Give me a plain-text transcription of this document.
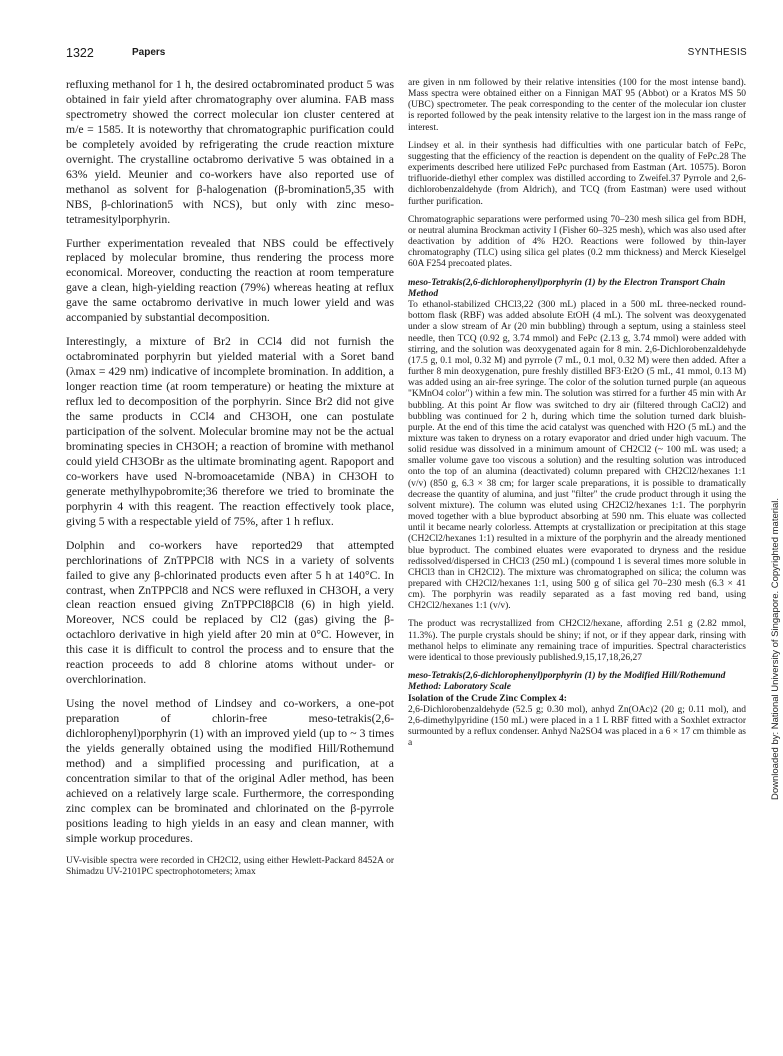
1322	Papers	SYNTHESIS

refluxing methanol for 1 h, the desired octabrominated product 5 was obtained in fair yield after chromatography over alumina. FAB mass spectrometry showed the correct molecular ion cluster centered at m/e = 1585. It is noteworthy that chromatographic purification could be completely avoided by refrigerating the crude reaction mixture overnight. The crystalline octabromo derivative 5 was obtained in a 63% yield. Meunier and co-workers have also reported use of methanol as solvent for β-halogenation (β-bromination5,35 with NBS, β-chlorination5 with NCS), but only with zinc meso-tetramesitylporphyrin.

Further experimentation revealed that NBS could be effectively replaced by molecular bromine, thus rendering the process more economical. Moreover, conducting the reaction at room temperature gave a clean, high-yielding reaction (79%) whereas heating at reflux gave the same octabromo derivative in much lower yield and was accompanied by substantial decomposition.

Interestingly, a mixture of Br2 in CCl4 did not furnish the octabrominated porphyrin but yielded material with a Soret band (λmax = 429 nm) indicative of incomplete bromination. In addition, a longer reaction time (at room temperature) or heating the mixture at reflux led to decomposition of the porphyrin. Since Br2 did not give the same products in CCl4 and CH3OH, one can postulate participation of the solvent. Molecular bromine may not be the actual brominating species in CH3OH; a reaction of bromine with methanol could yield CH3OBr as the ultimate brominating agent. Rapoport and co-workers have used N-bromoacetamide (NBA) in CH3OH to generate methylhypobromite;36 therefore we tried to brominate the porphyrin 4 with this reagent. The reaction effectively took place, giving 5 with a respectable yield of 75%, after 1 h reflux.

Dolphin and co-workers have reported29 that attempted perchlorinations of ZnTPPCl8 with NCS in a variety of solvents failed to give any β-chlorinated products even after 5 h at 140°C. In contrast, when ZnTPPCl8 and NCS were refluxed in CH3OH, a very clean reaction ensued giving ZnTPPCl8βCl8 (6) in high yield. Moreover, NCS could be replaced by Cl2 (gas) giving the β-octachloro derivative in high yield after 20 min at 0°C. However, in this case it is difficult to control the process and to ensure that the reaction proceeds to add 8 chlorine atoms without under- or overchlorination.

Using the novel method of Lindsey and co-workers, a one-pot preparation of chlorin-free meso-tetrakis(2,6-dichlorophenyl)porphyrin (1) with an improved yield (up to ~ 3 times the yields generally obtained using the modified Hill/Rothemund method) and a simplified processing and purification, at a concentration similar to that of the original Adler method, has been achieved on a relatively large scale. Furthermore, the corresponding zinc complex can be brominated and chlorinated on the β-pyrrole positions leading to high yields in an easy and clean manner, with simple workup procedures.

UV-visible spectra were recorded in CH2Cl2, using either Hewlett-Packard 8452A or Shimadzu UV-2101PC spectrophotometers; λmax

are given in nm followed by their relative intensities (100 for the most intense band). Mass spectra were obtained either on a Finnigan MAT 95 (Abbot) or a Kratos MS 50 (UBC) spectrometer. The peak corresponding to the center of the molecular ion cluster is reported followed by the peak intensity relative to the largest ion in the mass range of interest.

Lindsey et al. in their synthesis had difficulties with one particular batch of FePc, suggesting that the efficiency of the reaction is dependent on the quality of FePc.28 The experiments described here utilized FePc purchased from Eastman (Art. 10575). Boron trifluoride-diethyl ether complex was distilled according to Zweifel.37 Pyrrole and 2,6-dichlorobenzaldehyde (from Aldrich), and TCQ (from Eastman) were used without further purification.

Chromatographic separations were performed using 70–230 mesh silica gel from BDH, or neutral alumina Brockman activity I (Fisher 60–325 mesh), which was also used after deactivation by addition of 4% H2O. Reactions were followed by thin-layer chromatography (TLC) using silica gel plates (0.2 mm thickness) and Merck Kieselgel 60A F254 precoated plates.

meso-Tetrakis(2,6-dichlorophenyl)porphyrin (1) by the Electron Transport Chain Method

To ethanol-stabilized CHCl3,22 (300 mL) placed in a 500 mL three-necked round-bottom flask (RBF) was added absolute EtOH (4 mL). The solvent was deoxygenated under a slow stream of Ar (20 min bubbling) through a septum, using a stainless steel needle, then TCQ (0.92 g, 3.74 mmol) and FePc (2.13 g, 3.74 mmol) were added with stirring, and the solution was deoxygenated again for 8 min. 2,6-Dichlorobenzaldehyde (17.5 g, 0.1 mol, 0.32 M) and pyrrole (7 mL, 0.1 mol, 0.32 M) were then added. After a further 8 min deoxygenation, pure freshly distilled BF3·Et2O (5 mL, 41 mmol, 0.13 M) was added using an air-free syringe. The color of the solution turned purple (an aqueous "KMnO4 color") within a few min. The solution was stirred for a further 45 min with Ar bubbling. At this point Ar flow was switched to dry air (filtered through CaCl2) and bubbling was continued for 2 h, during which time the solution turned dark bluish-purple. At the end of this time the acid catalyst was quenched with H2O (5 mL) and the mixture was taken to dryness on a rotary evaporator and dried under high vacuum. The solid residue was dissolved in a minimum amount of CH2Cl2 (~ 100 mL was used; a smaller volume gave too viscous a solution) and the resulting solution was introduced onto the top of an alumina (deactivated) column prepared with CH2Cl2/hexanes 1:1 (v/v) (850 g, 6.3 × 38 cm; for larger scale preparations, it is possible to dramatically decrease the quantity of alumina, and just "filter" the crude product through it using the solvent mixture). The column was eluted using CH2Cl2/hexanes 1:1. The porphyrin moved together with a blue byproduct absorbing at 590 nm. This eluate was collected until it became nearly colorless. Attempts at crystallization or precipitation at this stage (CH2Cl2/hexanes 1:1) resulted in a mixture of the porphyrin and the already mentioned blue byproduct. The combined eluates were evaporated to dryness and the residue redissolved/dispersed in CHCl3 (250 mL) (compound 1 is several times more soluble in CHCl3 than in CH2Cl2). The mixture was chromatographed on silica; the column was prepared with CH2Cl2/hexanes 1:1, using 500 g of silica gel 70–230 mesh (6.3 × 41 cm). The porphyrin was readily separated as a fast moving red band, using CH2Cl2/hexanes 1:1 (v/v).

The product was recrystallized from CH2Cl2/hexane, affording 2.51 g (2.82 mmol, 11.3%). The purple crystals should be shiny; if not, or if they appear dark, rinsing with methanol helps to eliminate any remaining trace of impurities. Spectral characteristics were identical to those previously published.9,15,17,18,26,27

meso-Tetrakis(2,6-dichlorophenyl)porphyrin (1) by the Modified Hill/Rothemund Method: Laboratory Scale
Isolation of the Crude Zinc Complex 4:

2,6-Dichlorobenzaldehyde (52.5 g; 0.30 mol), anhyd Zn(OAc)2 (20 g; 0.11 mol), and 2,6-dimethylpyridine (150 mL) were placed in a 1 L RBF fitted with a Soxhlet extractor surmounted by a reflux condenser. Anhyd Na2SO4 was placed in a 6 × 17 cm thimble as a	Downloaded by: National University of Singapore. Copyrighted material.
